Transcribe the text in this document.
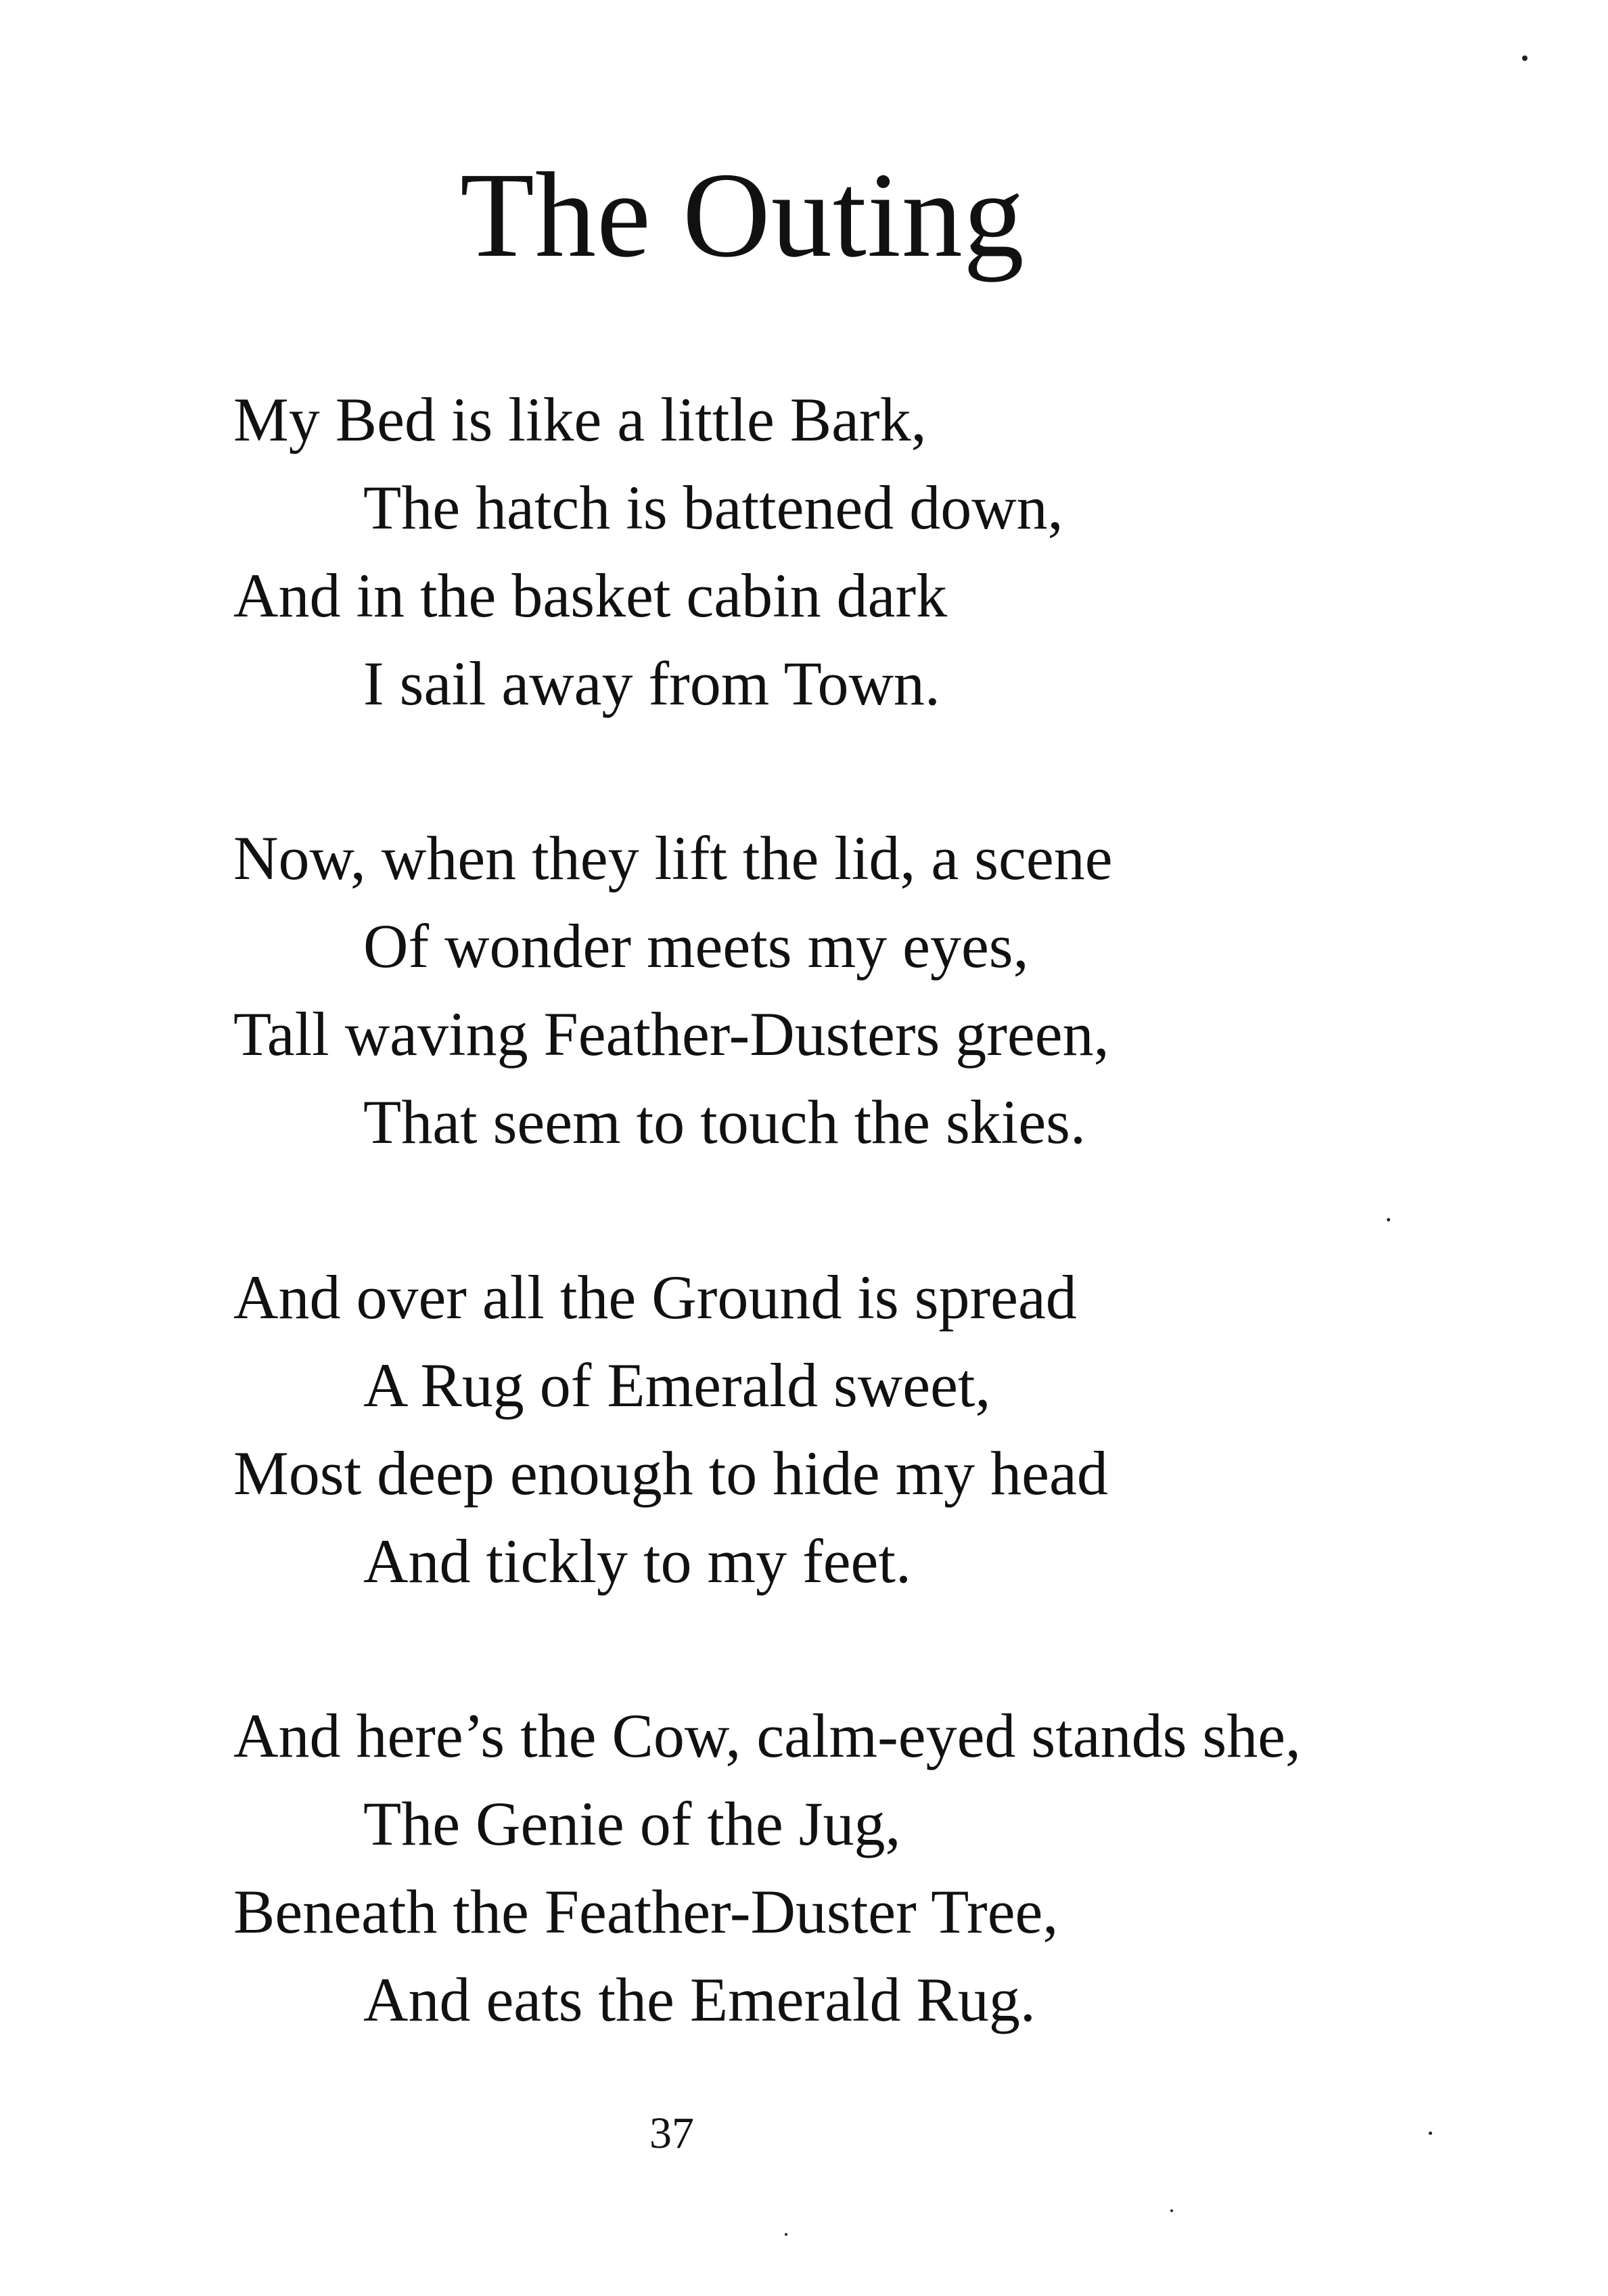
The Outing
My Bed is like a little Bark,
The hatch is battened down,
And in the basket cabin dark
I sail away from Town.
Now, when they lift the lid, a scene
Of wonder meets my eyes,
Tall waving Feather-Dusters green,
That seem to touch the skies.
And over all the Ground is spread
A Rug of Emerald sweet,
Most deep enough to hide my head
And tickly to my feet.
And here’s the Cow, calm-eyed stands she,
The Genie of the Jug,
Beneath the Feather-Duster Tree,
And eats the Emerald Rug.
37
